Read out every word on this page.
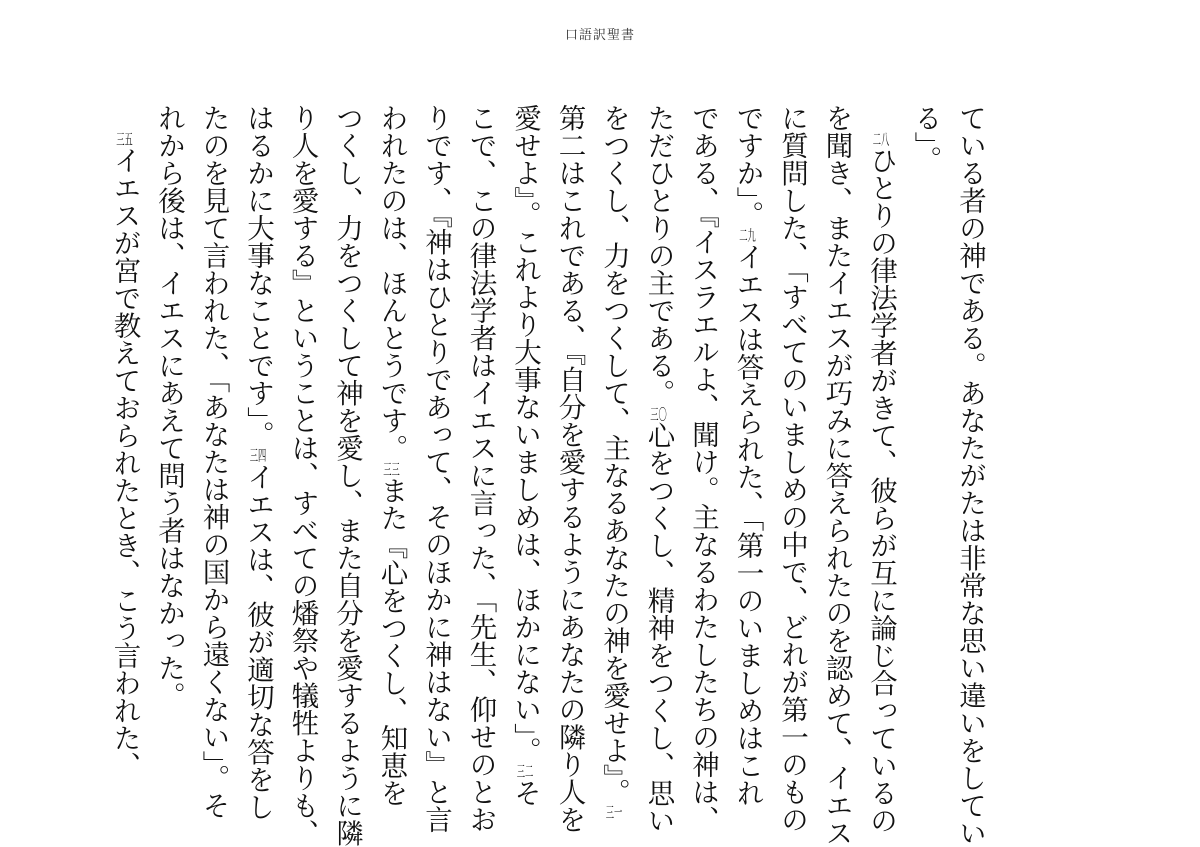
口語訳聖書
ている者の神である。あなたがたは非常な思い違いをしてい
る」。
　二八ひとりの律法学者がきて、彼らが互に論じ合っているの
を聞き、またイエスが巧みに答えられたのを認めて、イエス
に質問した、「すべてのいましめの中で、どれが第一のもの
ですか」。二九イエスは答えられた、「第一のいましめはこれ
である、『イスラエルよ、聞け。主なるわたしたちの神は、
ただひとりの主である。三〇心をつくし、精神をつくし、思い
をつくし、力をつくして、主なるあなたの神を愛せよ』。三一
第二はこれである、『自分を愛するようにあなたの隣り人を
愛せよ』。これより大事ないましめは、ほかにない」。三二そ
こで、この律法学者はイエスに言った、「先生、仰せのとお
りです、『神はひとりであって、そのほかに神はない』と言
われたのは、ほんとうです。三三また『心をつくし、知恵を
つくし、力をつくして神を愛し、また自分を愛するように隣
り人を愛する』ということは、すべての燔祭や犠牲よりも、
はるかに大事なことです」。三四イエスは、彼が適切な答をし
たのを見て言われた、「あなたは神の国から遠くない」。そ
れから後は、イエスにあえて問う者はなかった。
　三五イエスが宮で教えておられたとき、こう言われた、
